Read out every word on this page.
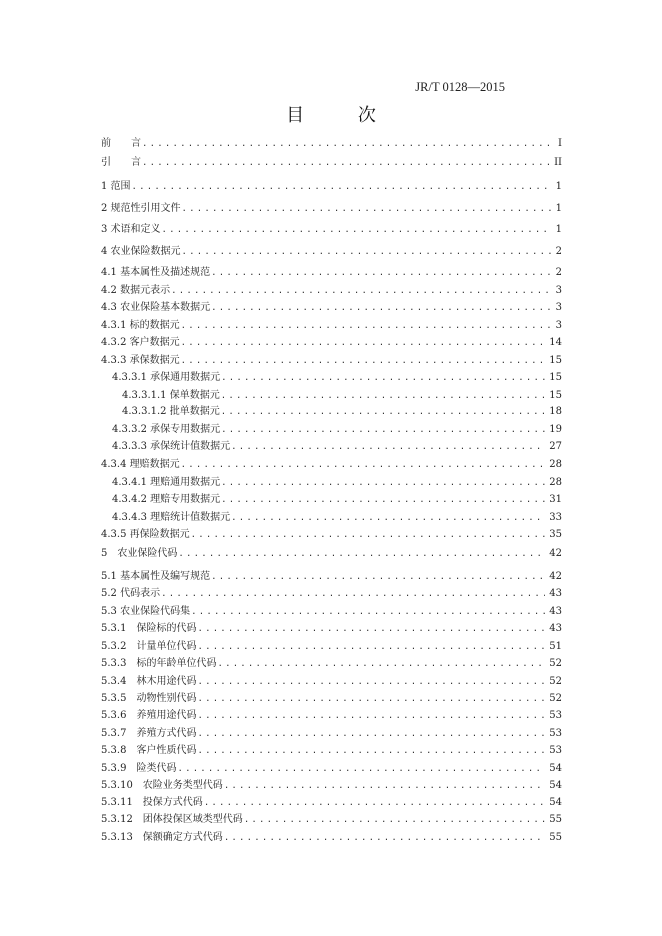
JR/T 0128—2015
目 次
前　　言 .....	I
引　　言 .....	II
1 范围 .....	1
2 规范性引用文件 .....	1
3 术语和定义 .....	1
4 农业保险数据元 .....	2
4.1 基本属性及描述规范 .....	2
4.2 数据元表示 .....	3
4.3 农业保险基本数据元 .....	3
4.3.1 标的数据元 .....	3
4.3.2 客户数据元 .....	14
4.3.3 承保数据元 .....	15
4.3.3.1 承保通用数据元 .....	15
4.3.3.1.1 保单数据元 .....	15
4.3.3.1.2 批单数据元 .....	18
4.3.3.2 承保专用数据元 .....	19
4.3.3.3 承保统计值数据元 .....	27
4.3.4 理赔数据元 .....	28
4.3.4.1 理赔通用数据元 .....	28
4.3.4.2 理赔专用数据元 .....	31
4.3.4.3 理赔统计值数据元 .....	33
4.3.5 再保险数据元 .....	35
5　农业保险代码 .....	42
5.1 基本属性及编写规范 .....	42
5.2 代码表示 .....	43
5.3 农业保险代码集 .....	43
5.3.1　保险标的代码 .....	43
5.3.2　计量单位代码 .....	51
5.3.3　标的年龄单位代码 .....	52
5.3.4　林木用途代码 .....	52
5.3.5　动物性别代码 .....	52
5.3.6　养殖用途代码 .....	53
5.3.7　养殖方式代码 .....	53
5.3.8　客户性质代码 .....	53
5.3.9　险类代码 .....	54
5.3.10　农险业务类型代码 .....	54
5.3.11　投保方式代码 .....	54
5.3.12　团体投保区域类型代码 .....	55
5.3.13　保额确定方式代码 .....	55
